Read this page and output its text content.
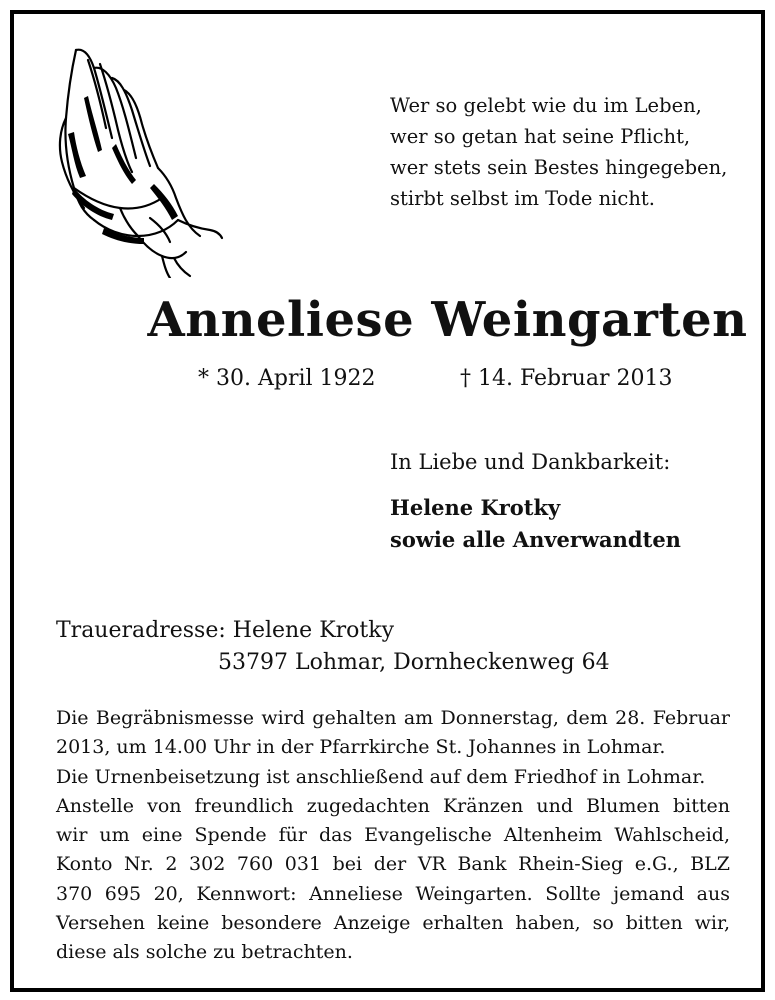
Wer so gelebt wie du im Leben,
wer so getan hat seine Pflicht,
wer stets sein Bestes hingegeben,
stirbt selbst im Tode nicht.
Anneliese Weingarten
* 30. April 1922	† 14. Februar 2013
In Liebe und Dankbarkeit:
Helene Krotky
sowie alle Anverwandten
Traueradresse: Helene Krotky
53797 Lohmar, Dornheckenweg 64
Die Begräbnismesse wird gehalten am Donnerstag, dem 28. Februar
2013, um 14.00 Uhr in der Pfarrkirche St. Johannes in Lohmar.
Die Urnenbeisetzung ist anschließend auf dem Friedhof in Lohmar.
Anstelle von freundlich zugedachten Kränzen und Blumen bitten
wir um eine Spende für das Evangelische Altenheim Wahlscheid,
Konto Nr. 2 302 760 031 bei der VR Bank Rhein-Sieg e.G., BLZ
370 695 20, Kennwort: Anneliese Weingarten. Sollte jemand aus
Versehen keine besondere Anzeige erhalten haben, so bitten wir,
diese als solche zu betrachten.
